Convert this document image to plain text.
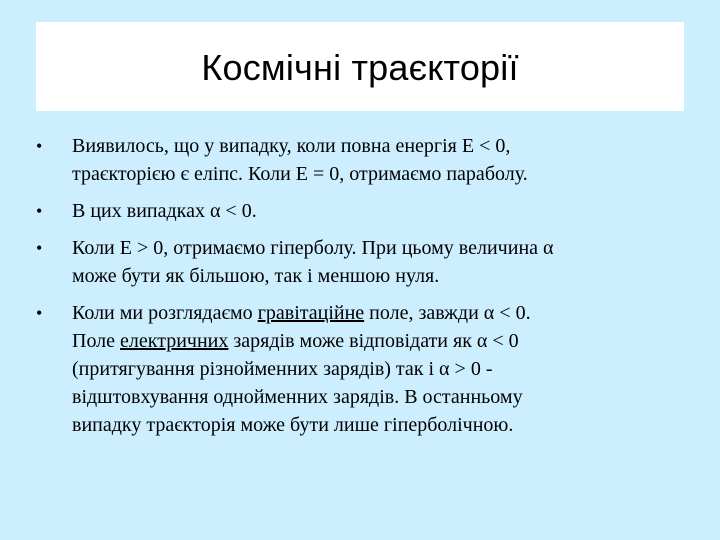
Космічні траєкторії
•	Виявилось, що у випадку, коли повна енергія E < 0,
траєкторією є еліпс. Коли E = 0, отримаємо параболу.
•	В цих випадках α < 0.
•	Коли E > 0, отримаємо гіперболу. При цьому величина α
може бути як більшою, так і меншою нуля.
•	Коли ми розглядаємо гравітаційне поле, завжди α < 0.
Поле електричних зарядів може відповідати як α < 0
(притягування різнойменних зарядів) так і α > 0 -
відштовхування однойменних зарядів. В останньому
випадку траєкторія може бути лише гіперболічною.
